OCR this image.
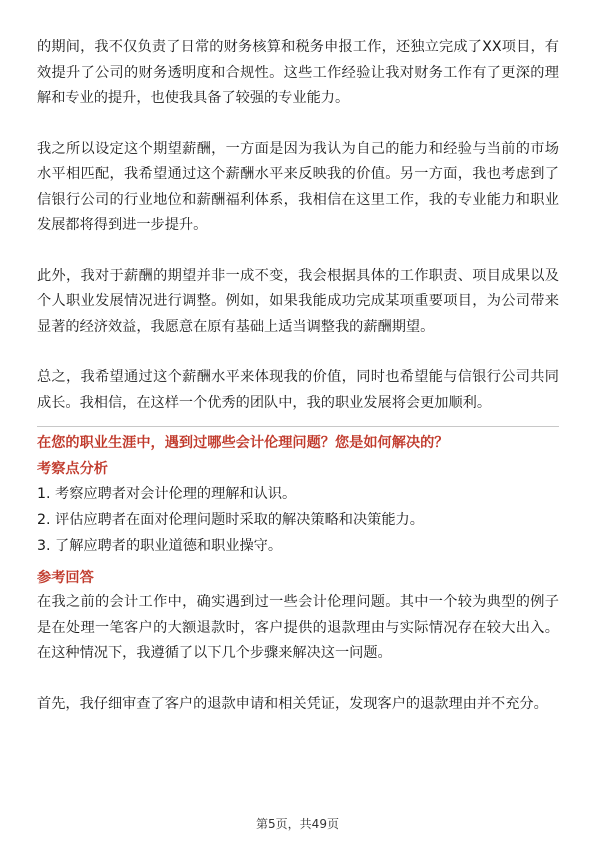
的期间，我不仅负责了日常的财务核算和税务申报工作，还独立完成了XX项目，有效提升了公司的财务透明度和合规性。这些工作经验让我对财务工作有了更深的理解和专业的提升，也使我具备了较强的专业能力。

我之所以设定这个期望薪酬，一方面是因为我认为自己的能力和经验与当前的市场水平相匹配，我希望通过这个薪酬水平来反映我的价值。另一方面，我也考虑到了信银行公司的行业地位和薪酬福利体系，我相信在这里工作，我的专业能力和职业发展都将得到进一步提升。

此外，我对于薪酬的期望并非一成不变，我会根据具体的工作职责、项目成果以及个人职业发展情况进行调整。例如，如果我能成功完成某项重要项目，为公司带来显著的经济效益，我愿意在原有基础上适当调整我的薪酬期望。

总之，我希望通过这个薪酬水平来体现我的价值，同时也希望能与信银行公司共同成长。我相信，在这样一个优秀的团队中，我的职业发展将会更加顺利。

在您的职业生涯中，遇到过哪些会计伦理问题？您是如何解决的？

考察点分析

1. 考察应聘者对会计伦理的理解和认识。
2. 评估应聘者在面对伦理问题时采取的解决策略和决策能力。
3. 了解应聘者的职业道德和职业操守。

参考回答

在我之前的会计工作中，确实遇到过一些会计伦理问题。其中一个较为典型的例子是在处理一笔客户的大额退款时，客户提供的退款理由与实际情况存在较大出入。在这种情况下，我遵循了以下几个步骤来解决这一问题。

首先，我仔细审查了客户的退款申请和相关凭证，发现客户的退款理由并不充分。

第5页，共49页
